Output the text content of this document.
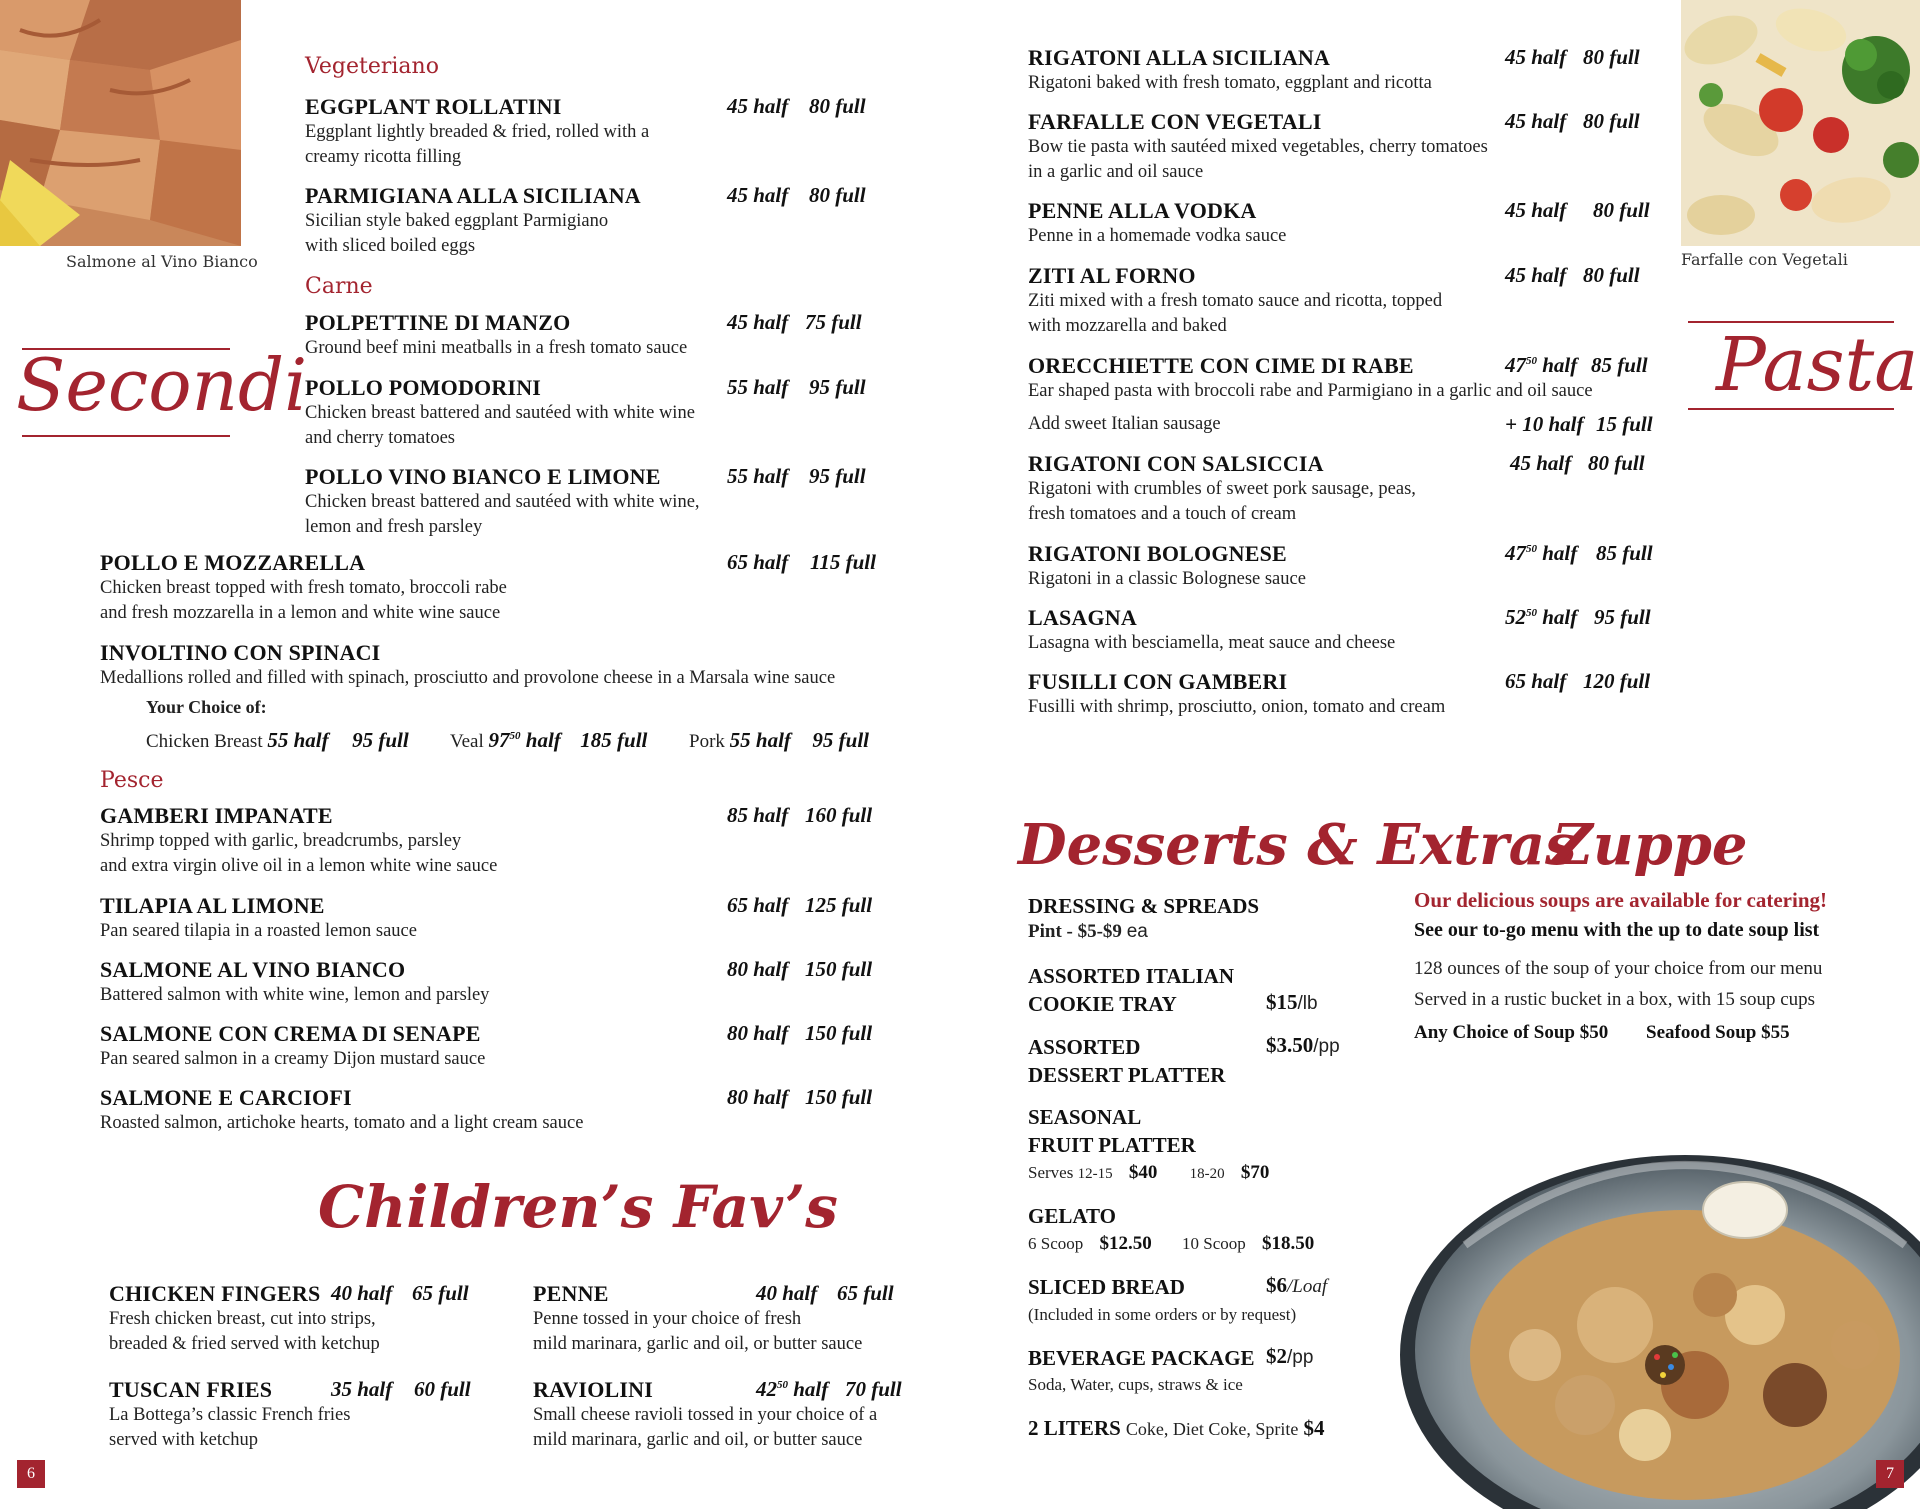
Salmone al Vino Bianco
Secondi
Vegeteriano
EGGPLANT ROLLATINI	45 half 80 full
Eggplant lightly breaded & fried, rolled with a
creamy ricotta filling
PARMIGIANA ALLA SICILIANA	45 half 80 full
Sicilian style baked eggplant Parmigiano
with sliced boiled eggs
Carne
POLPETTINE DI MANZO	45 half 75 full
Ground beef mini meatballs in a fresh tomato sauce
POLLO POMODORINI	55 half 95 full
Chicken breast battered and sautéed with white wine
and cherry tomatoes
POLLO VINO BIANCO E LIMONE	55 half 95 full
Chicken breast battered and sautéed with white wine,
lemon and fresh parsley
POLLO E MOZZARELLA	65 half 115 full
Chicken breast topped with fresh tomato, broccoli rabe
and fresh mozzarella in a lemon and white wine sauce
INVOLTINO CON SPINACI
Medallions rolled and filled with spinach, prosciutto and provolone cheese in a Marsala wine sauce
Your Choice of:
Chicken Breast 55 half 95 full Veal $97^{50}$ half 185 full Pork 55 half 95 full
Pesce
GAMBERI IMPANATE	85 half 160 full
Shrimp topped with garlic, breadcrumbs, parsley
and extra virgin olive oil in a lemon white wine sauce
TILAPIA AL LIMONE	65 half 125 full
Pan seared tilapia in a roasted lemon sauce
SALMONE AL VINO BIANCO	80 half 150 full
Battered salmon with white wine, lemon and parsley
SALMONE CON CREMA DI SENAPE	80 half 150 full
Pan seared salmon in a creamy Dijon mustard sauce
SALMONE E CARCIOFI	80 half 150 full
Roasted salmon, artichoke hearts, tomato and a light cream sauce
Children’s Fav’s
CHICKEN FINGERS 40 half 65 full
Fresh chicken breast, cut into strips,
breaded & fried served with ketchup
TUSCAN FRIES	35 half 60 full
La Bottega’s classic French fries
served with ketchup
PENNE	40 half 65 full
Penne tossed in your choice of fresh
mild marinara, garlic and oil, or butter sauce
RAVIOLINI	$42^{50}$ half 70 full
Small cheese ravioli tossed in your choice of a
mild marinara, garlic and oil, or butter sauce
6
Farfalle con Vegetali
Pasta
RIGATONI ALLA SICILIANA	45 half 80 full
Rigatoni baked with fresh tomato, eggplant and ricotta
FARFALLE CON VEGETALI	45 half 80 full
Bow tie pasta with sautéed mixed vegetables, cherry tomatoes
in a garlic and oil sauce
PENNE ALLA VODKA	45 half 80 full
Penne in a homemade vodka sauce
ZITI AL FORNO	45 half 80 full
Ziti mixed with a fresh tomato sauce and ricotta, topped
with mozzarella and baked
ORECCHIETTE CON CIME DI RABE	$47^{50}$ half 85 full
Ear shaped pasta with broccoli rabe and Parmigiano in a garlic and oil sauce
Add sweet Italian sausage	+ 10 half 15 full
RIGATONI CON SALSICCIA	45 half 80 full
Rigatoni with crumbles of sweet pork sausage, peas,
fresh tomatoes and a touch of cream
RIGATONI BOLOGNESE	$47^{50}$ half 85 full
Rigatoni in a classic Bolognese sauce
LASAGNA	$52^{50}$ half 95 full
Lasagna with besciamella, meat sauce and cheese
FUSILLI CON GAMBERI	65 half 120 full
Fusilli with shrimp, prosciutto, onion, tomato and cream
Desserts & Extras
DRESSING & SPREADS
Pint - $5-$9 ea
ASSORTED ITALIAN
COOKIE TRAY	$15/lb
ASSORTED
DESSERT PLATTER
$3.50/pp
SEASONAL
FRUIT PLATTER
Serves 12-15 $40 18-20 $70
GELATO
6 Scoop $12.50 10 Scoop $18.50
SLICED BREAD	$6/Loaf
(Included in some orders or by request)
BEVERAGE PACKAGE $2/pp
Soda, Water, cups, straws & ice
2 LITERS Coke, Diet Coke, Sprite $4
Zuppe
Our delicious soups are available for catering!
See our to-go menu with the up to date soup list
128 ounces of the soup of your choice from our menu
Served in a rustic bucket in a box, with 15 soup cups
Any Choice of Soup $50 Seafood Soup $55
7
